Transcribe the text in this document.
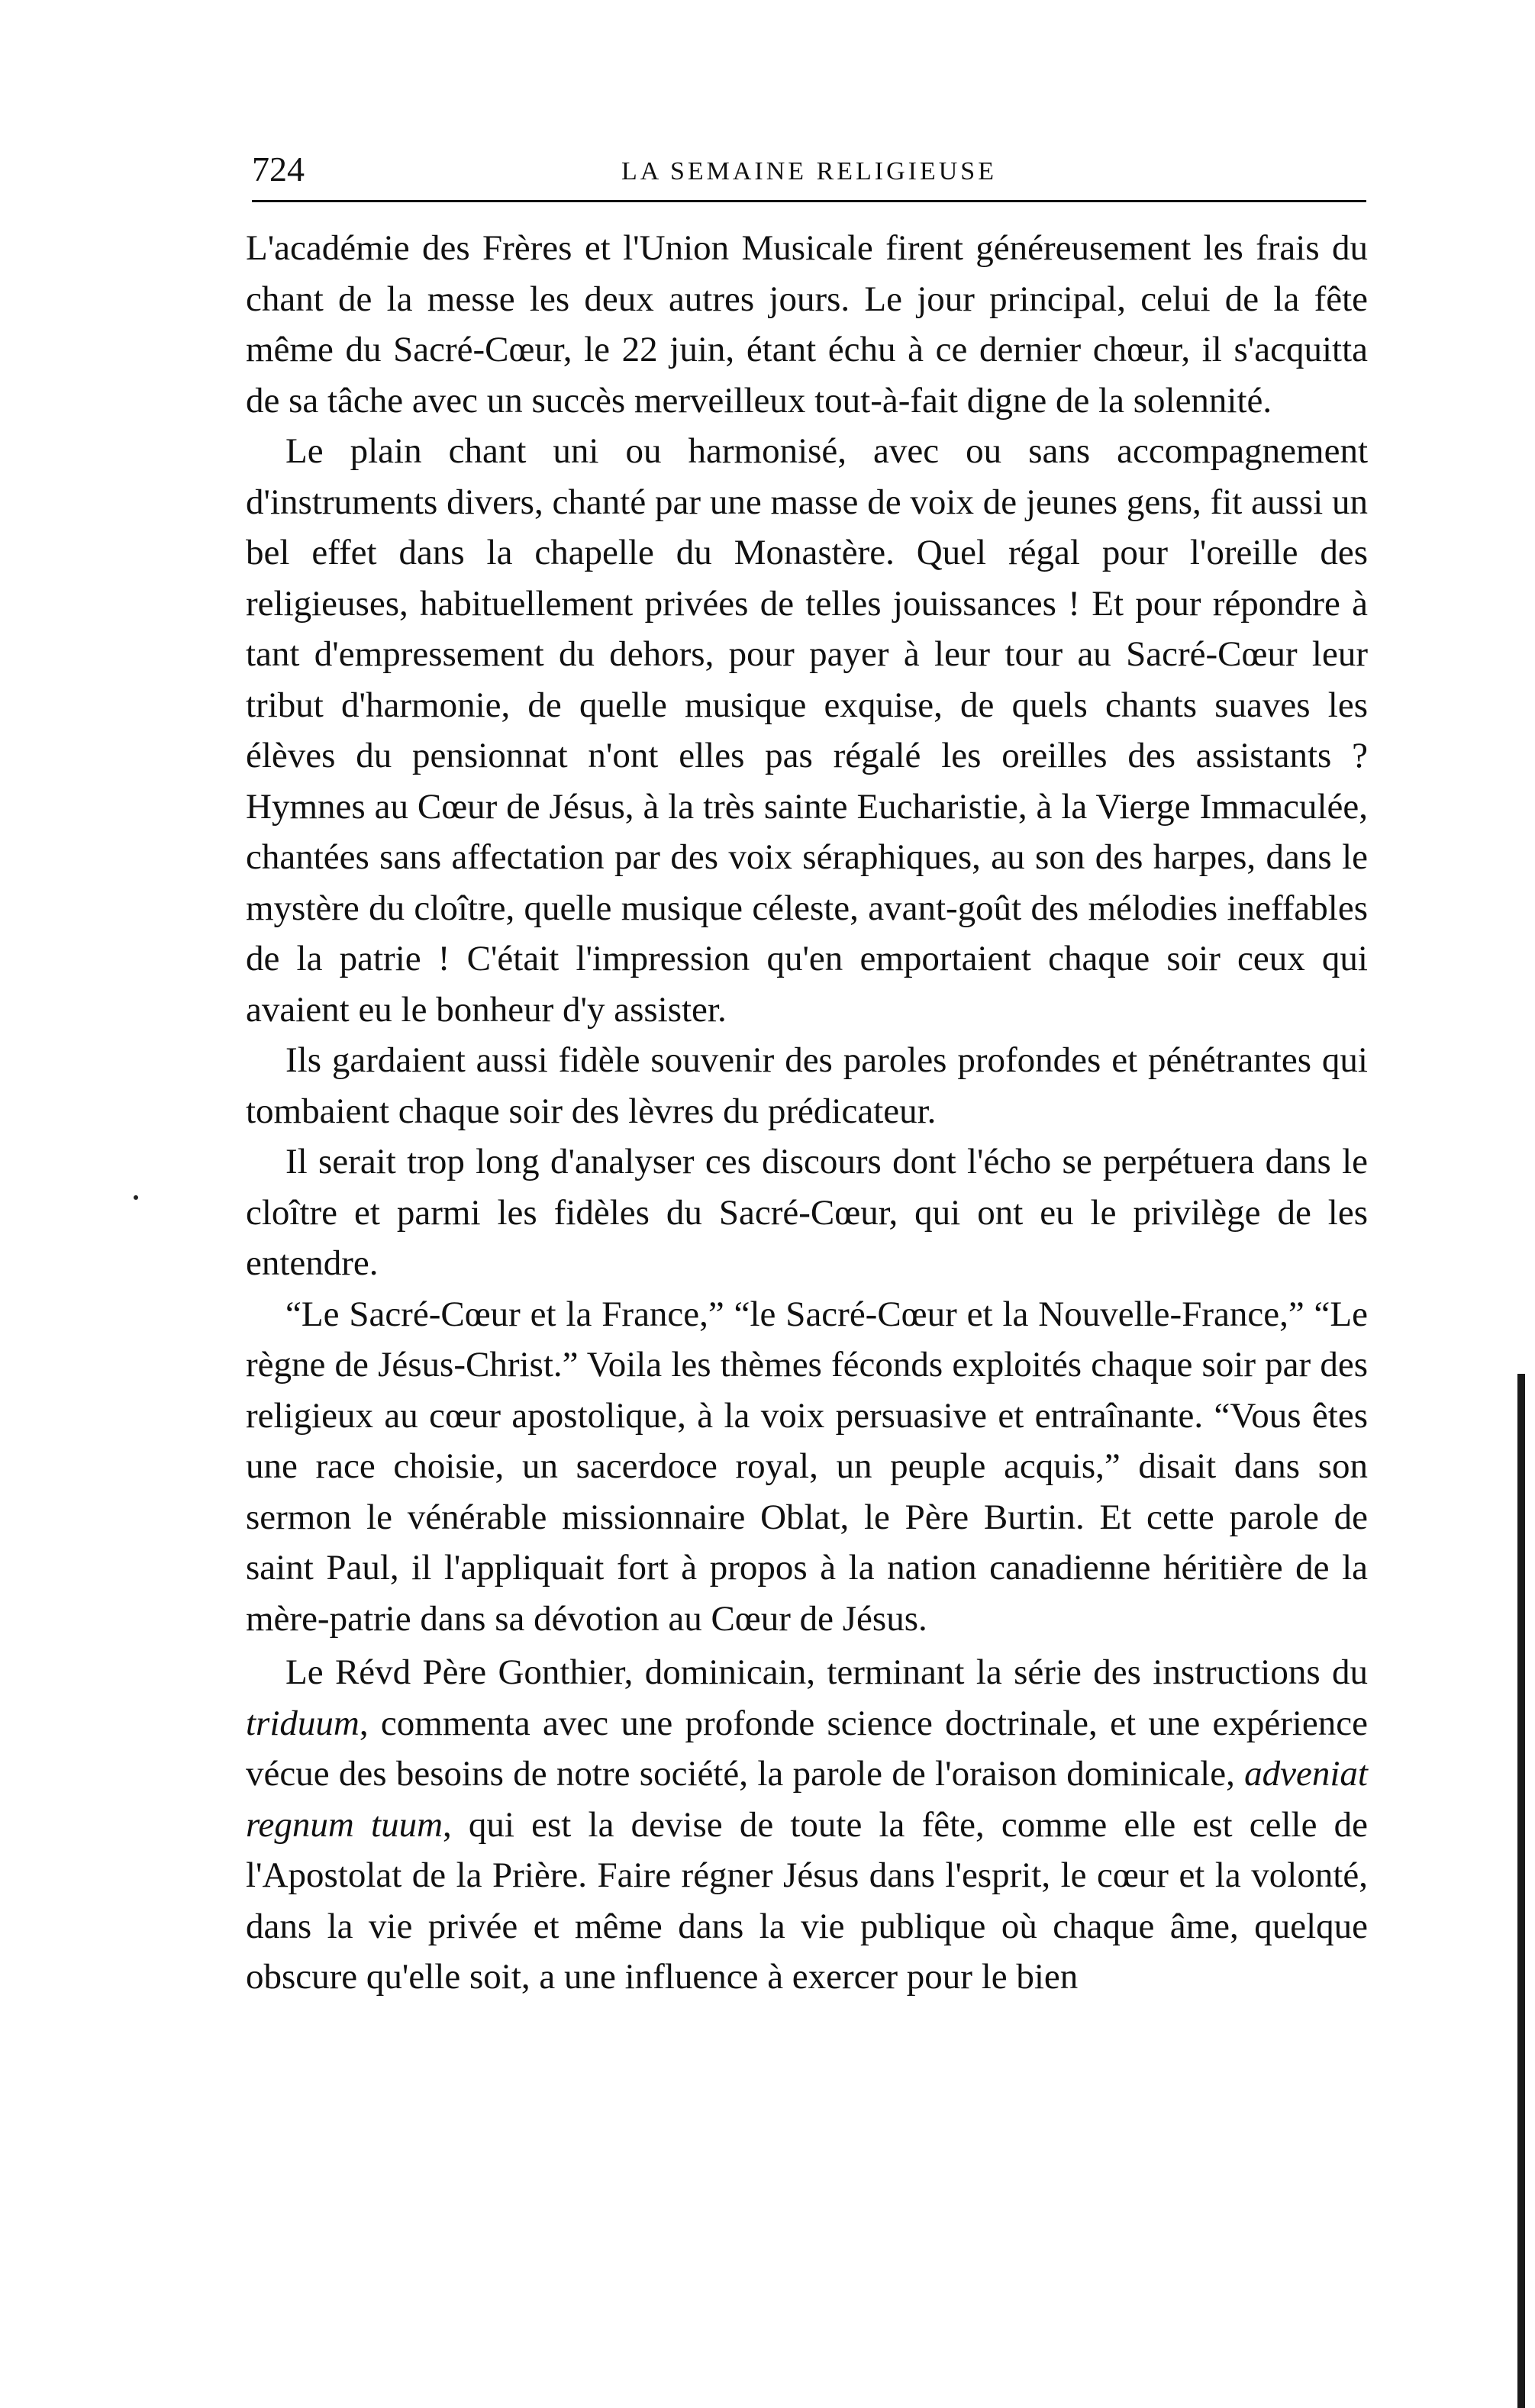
724	LA SEMAINE RELIGIEUSE

L'académie des Frères et l'Union Musicale firent généreusement les frais du chant de la messe les deux autres jours. Le jour principal, celui de la fête même du Sacré-Cœur, le 22 juin, étant échu à ce dernier chœur, il s'acquitta de sa tâche avec un succès merveilleux tout-à-fait digne de la solennité.

Le plain chant uni ou harmonisé, avec ou sans accompagnement d'instruments divers, chanté par une masse de voix de jeunes gens, fit aussi un bel effet dans la chapelle du Monastère. Quel régal pour l'oreille des religieuses, habituellement privées de telles jouissances ! Et pour répondre à tant d'empressement du dehors, pour payer à leur tour au Sacré-Cœur leur tribut d'harmonie, de quelle musique exquise, de quels chants suaves les élèves du pensionnat n'ont elles pas régalé les oreilles des assistants ? Hymnes au Cœur de Jésus, à la très sainte Eucharistie, à la Vierge Immaculée, chantées sans affectation par des voix séraphiques, au son des harpes, dans le mystère du cloître, quelle musique céleste, avant-goût des mélodies ineffables de la patrie ! C'était l'impression qu'en emportaient chaque soir ceux qui avaient eu le bonheur d'y assister.

Ils gardaient aussi fidèle souvenir des paroles profondes et pénétrantes qui tombaient chaque soir des lèvres du prédicateur.

Il serait trop long d'analyser ces discours dont l'écho se perpétuera dans le cloître et parmi les fidèles du Sacré-Cœur, qui ont eu le privilège de les entendre.

“Le Sacré-Cœur et la France,” “le Sacré-Cœur et la Nouvelle-France,” “Le règne de Jésus-Christ.” Voila les thèmes féconds exploités chaque soir par des religieux au cœur apostolique, à la voix persuasive et entraînante. “Vous êtes une race choisie, un sacerdoce royal, un peuple acquis,” disait dans son sermon le vénérable missionnaire Oblat, le Père Burtin. Et cette parole de saint Paul, il l'appliquait fort à propos à la nation canadienne héritière de la mère-patrie dans sa dévotion au Cœur de Jésus.

Le Révd Père Gonthier, dominicain, terminant la série des instructions du triduum, commenta avec une profonde science doctrinale, et une expérience vécue des besoins de notre société, la parole de l'oraison dominicale, adveniat regnum tuum, qui est la devise de toute la fête, comme elle est celle de l'Apostolat de la Prière. Faire régner Jésus dans l'esprit, le cœur et la volonté, dans la vie privée et même dans la vie publique où chaque âme, quelque obscure qu'elle soit, a une influence à exercer pour le bien
